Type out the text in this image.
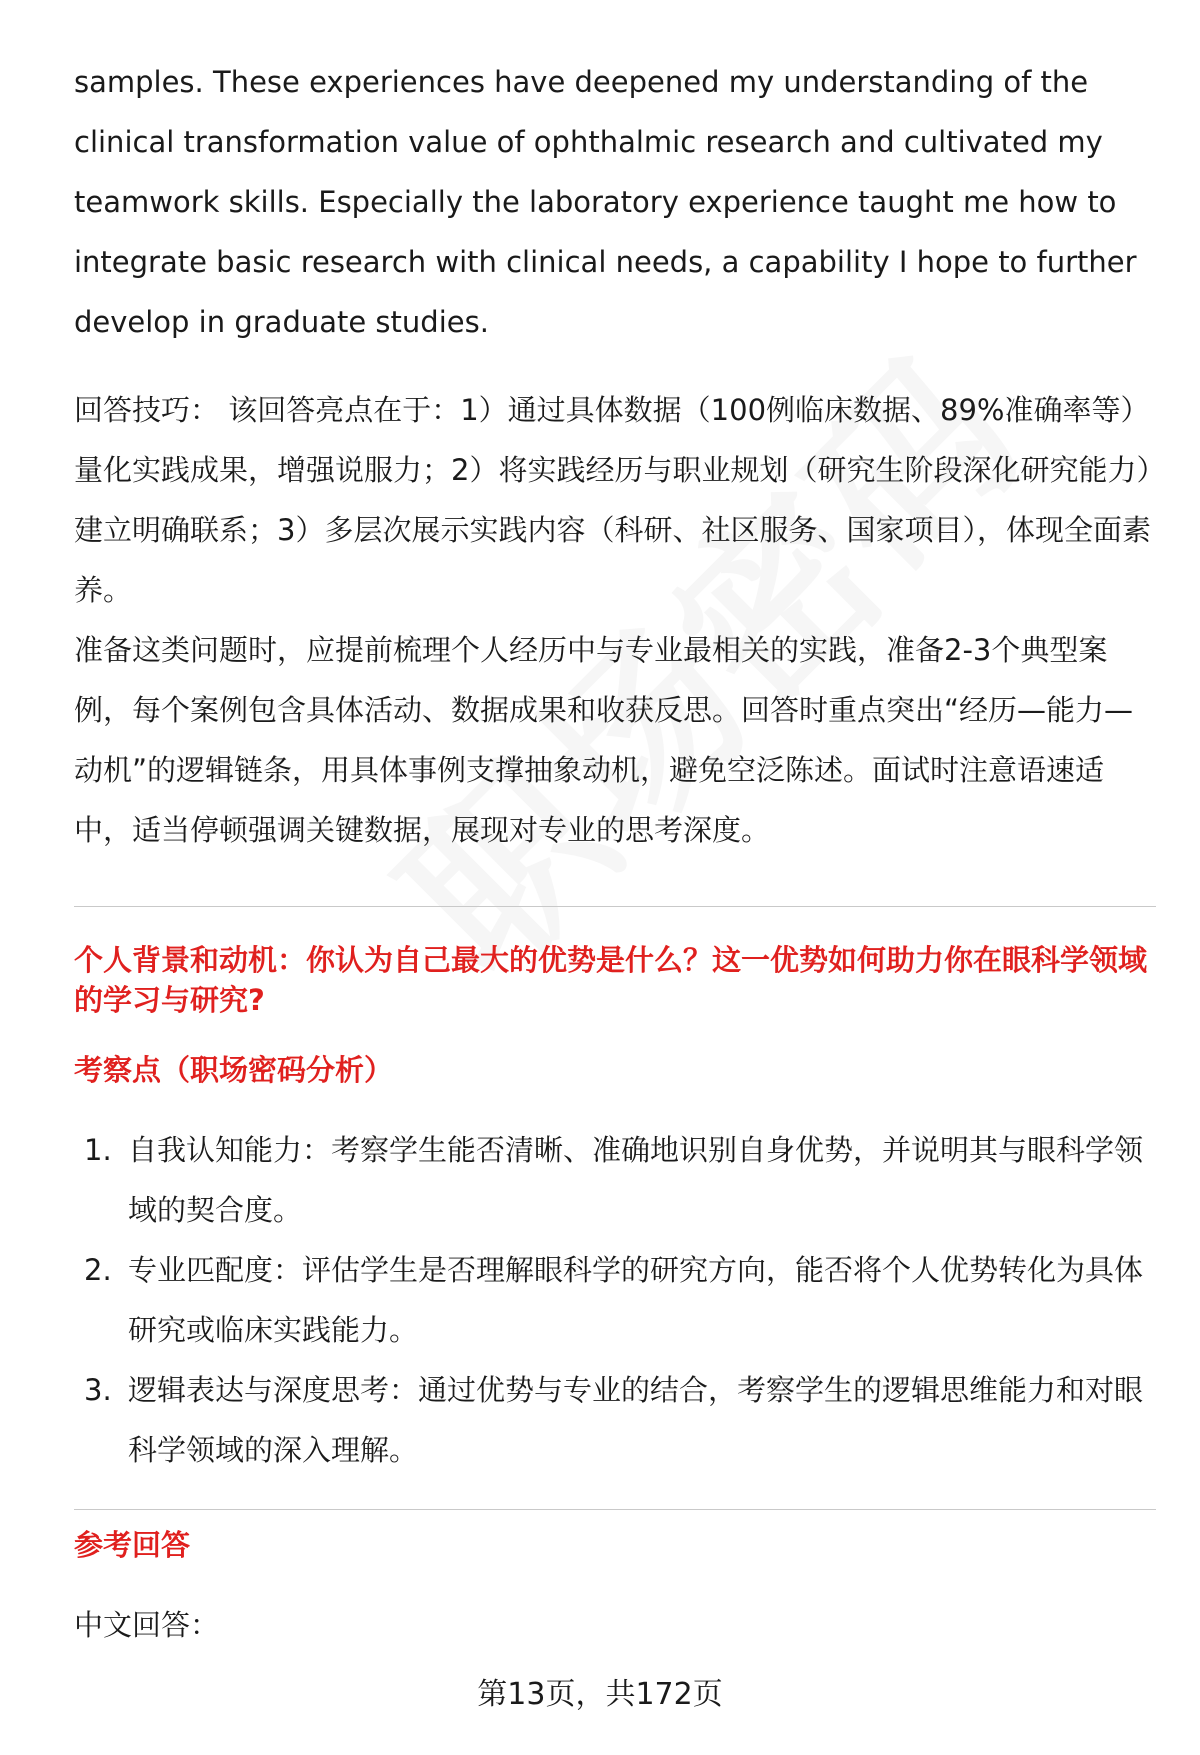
samples. These experiences have deepened my understanding of the clinical transformation value of ophthalmic research and cultivated my teamwork skills. Especially the laboratory experience taught me how to integrate basic research with clinical needs, a capability I hope to further develop in graduate studies.

回答技巧： 该回答亮点在于：1）通过具体数据（100例临床数据、89%准确率等）量化实践成果，增强说服力；2）将实践经历与职业规划（研究生阶段深化研究能力）建立明确联系；3）多层次展示实践内容（科研、社区服务、国家项目），体现全面素养。

准备这类问题时，应提前梳理个人经历中与专业最相关的实践，准备2-3个典型案例，每个案例包含具体活动、数据成果和收获反思。回答时重点突出“经历—能力—动机”的逻辑链条，用具体事例支撑抽象动机，避免空泛陈述。面试时注意语速适中，适当停顿强调关键数据，展现对专业的思考深度。

个人背景和动机：你认为自己最大的优势是什么？这一优势如何助力你在眼科学领域的学习与研究?
考察点（职场密码分析）
1. 自我认知能力：考察学生能否清晰、准确地识别自身优势，并说明其与眼科学领域的契合度。
2. 专业匹配度：评估学生是否理解眼科学的研究方向，能否将个人优势转化为具体研究或临床实践能力。
3. 逻辑表达与深度思考：通过优势与专业的结合，考察学生的逻辑思维能力和对眼科学领域的深入理解。
参考回答

中文回答：

第13页，共172页
